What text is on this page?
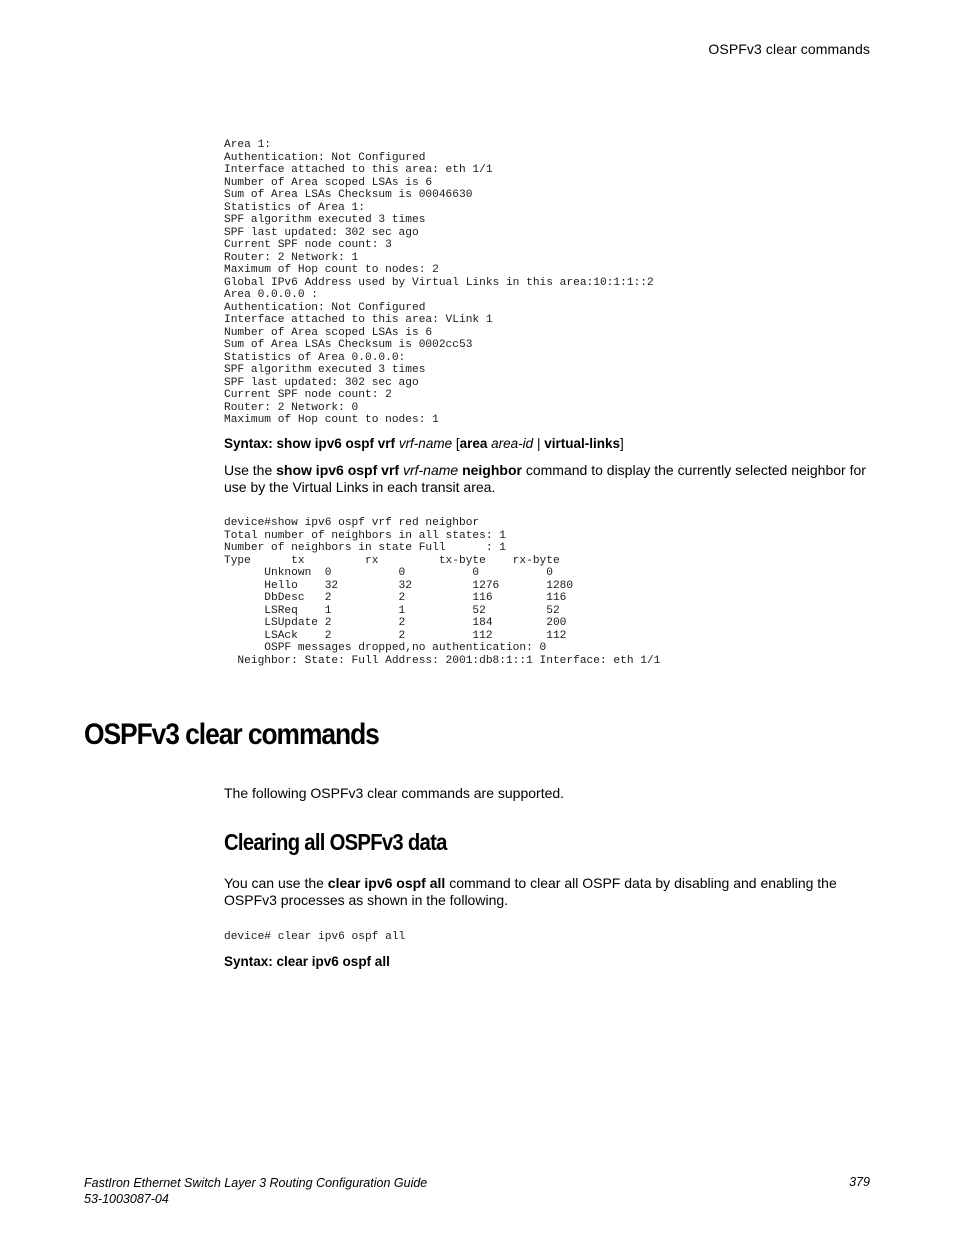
OSPFv3 clear commands
Area 1:
Authentication: Not Configured
Interface attached to this area: eth 1/1
Number of Area scoped LSAs is 6
Sum of Area LSAs Checksum is 00046630
Statistics of Area 1:
SPF algorithm executed 3 times
SPF last updated: 302 sec ago
Current SPF node count: 3
Router: 2 Network: 1
Maximum of Hop count to nodes: 2
Global IPv6 Address used by Virtual Links in this area:10:1:1::2
Area 0.0.0.0 :
Authentication: Not Configured
Interface attached to this area: VLink 1
Number of Area scoped LSAs is 6
Sum of Area LSAs Checksum is 0002cc53
Statistics of Area 0.0.0.0:
SPF algorithm executed 3 times
SPF last updated: 302 sec ago
Current SPF node count: 2
Router: 2 Network: 0
Maximum of Hop count to nodes: 1
Syntax: show ipv6 ospf vrf vrf-name [area area-id | virtual-links]
Use the show ipv6 ospf vrf vrf-name neighbor command to display the currently selected neighbor for use by the Virtual Links in each transit area.
device#show ipv6 ospf vrf red neighbor
Total number of neighbors in all states: 1
Number of neighbors in state Full      : 1
Type      tx         rx         tx-byte    rx-byte
Unknown  0          0          0          0
Hello    32         32         1276       1280
DbDesc   2          2          116        116
LSReq    1          1          52         52
LSUpdate 2          2          184        200
LSAck    2          2          112        112
OSPF messages dropped,no authentication: 0
Neighbor: State: Full Address: 2001:db8:1::1 Interface: eth 1/1
OSPFv3 clear commands
The following OSPFv3 clear commands are supported.
Clearing all OSPFv3 data
You can use the clear ipv6 ospf all command to clear all OSPF data by disabling and enabling the OSPFv3 processes as shown in the following.
device# clear ipv6 ospf all
Syntax: clear ipv6 ospf all
FastIron Ethernet Switch Layer 3 Routing Configuration Guide
53-1003087-04
379
